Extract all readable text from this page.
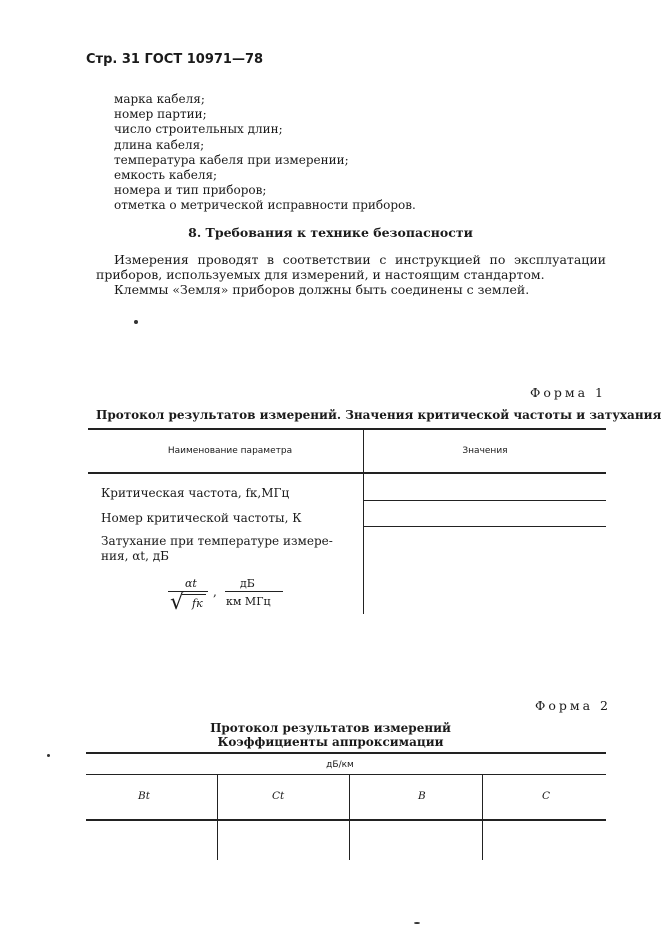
Стр. 31 ГОСТ 10971—78
марка кабеля;
номер партии;
число строительных длин;
длина кабеля;
температура кабеля при измерении;
емкость кабеля;
номера и тип приборов;
отметка о метрической исправности приборов.
8. Требования к технике безопасности

Измерения проводят в соответствии с инструкцией по эксплуатации приборов, используемых для измерений, и настоящим стандартом.

Клеммы «Земля» приборов должны быть соединены с землей.

Форма 1
Протокол результатов измерений. Значения критической частоты и затухания
Наименование параметра	Значения
Критическая частота, fк,МГц
Номер критической частоты, К
Затухание при температуре измере-
ния, αt, дБ
αt
√ fк
,
дБ
км МГц
Форма 2
Протокол результатов измерений
Коэффициенты аппроксимации
дБ/км
Bt	Ct	B	C
